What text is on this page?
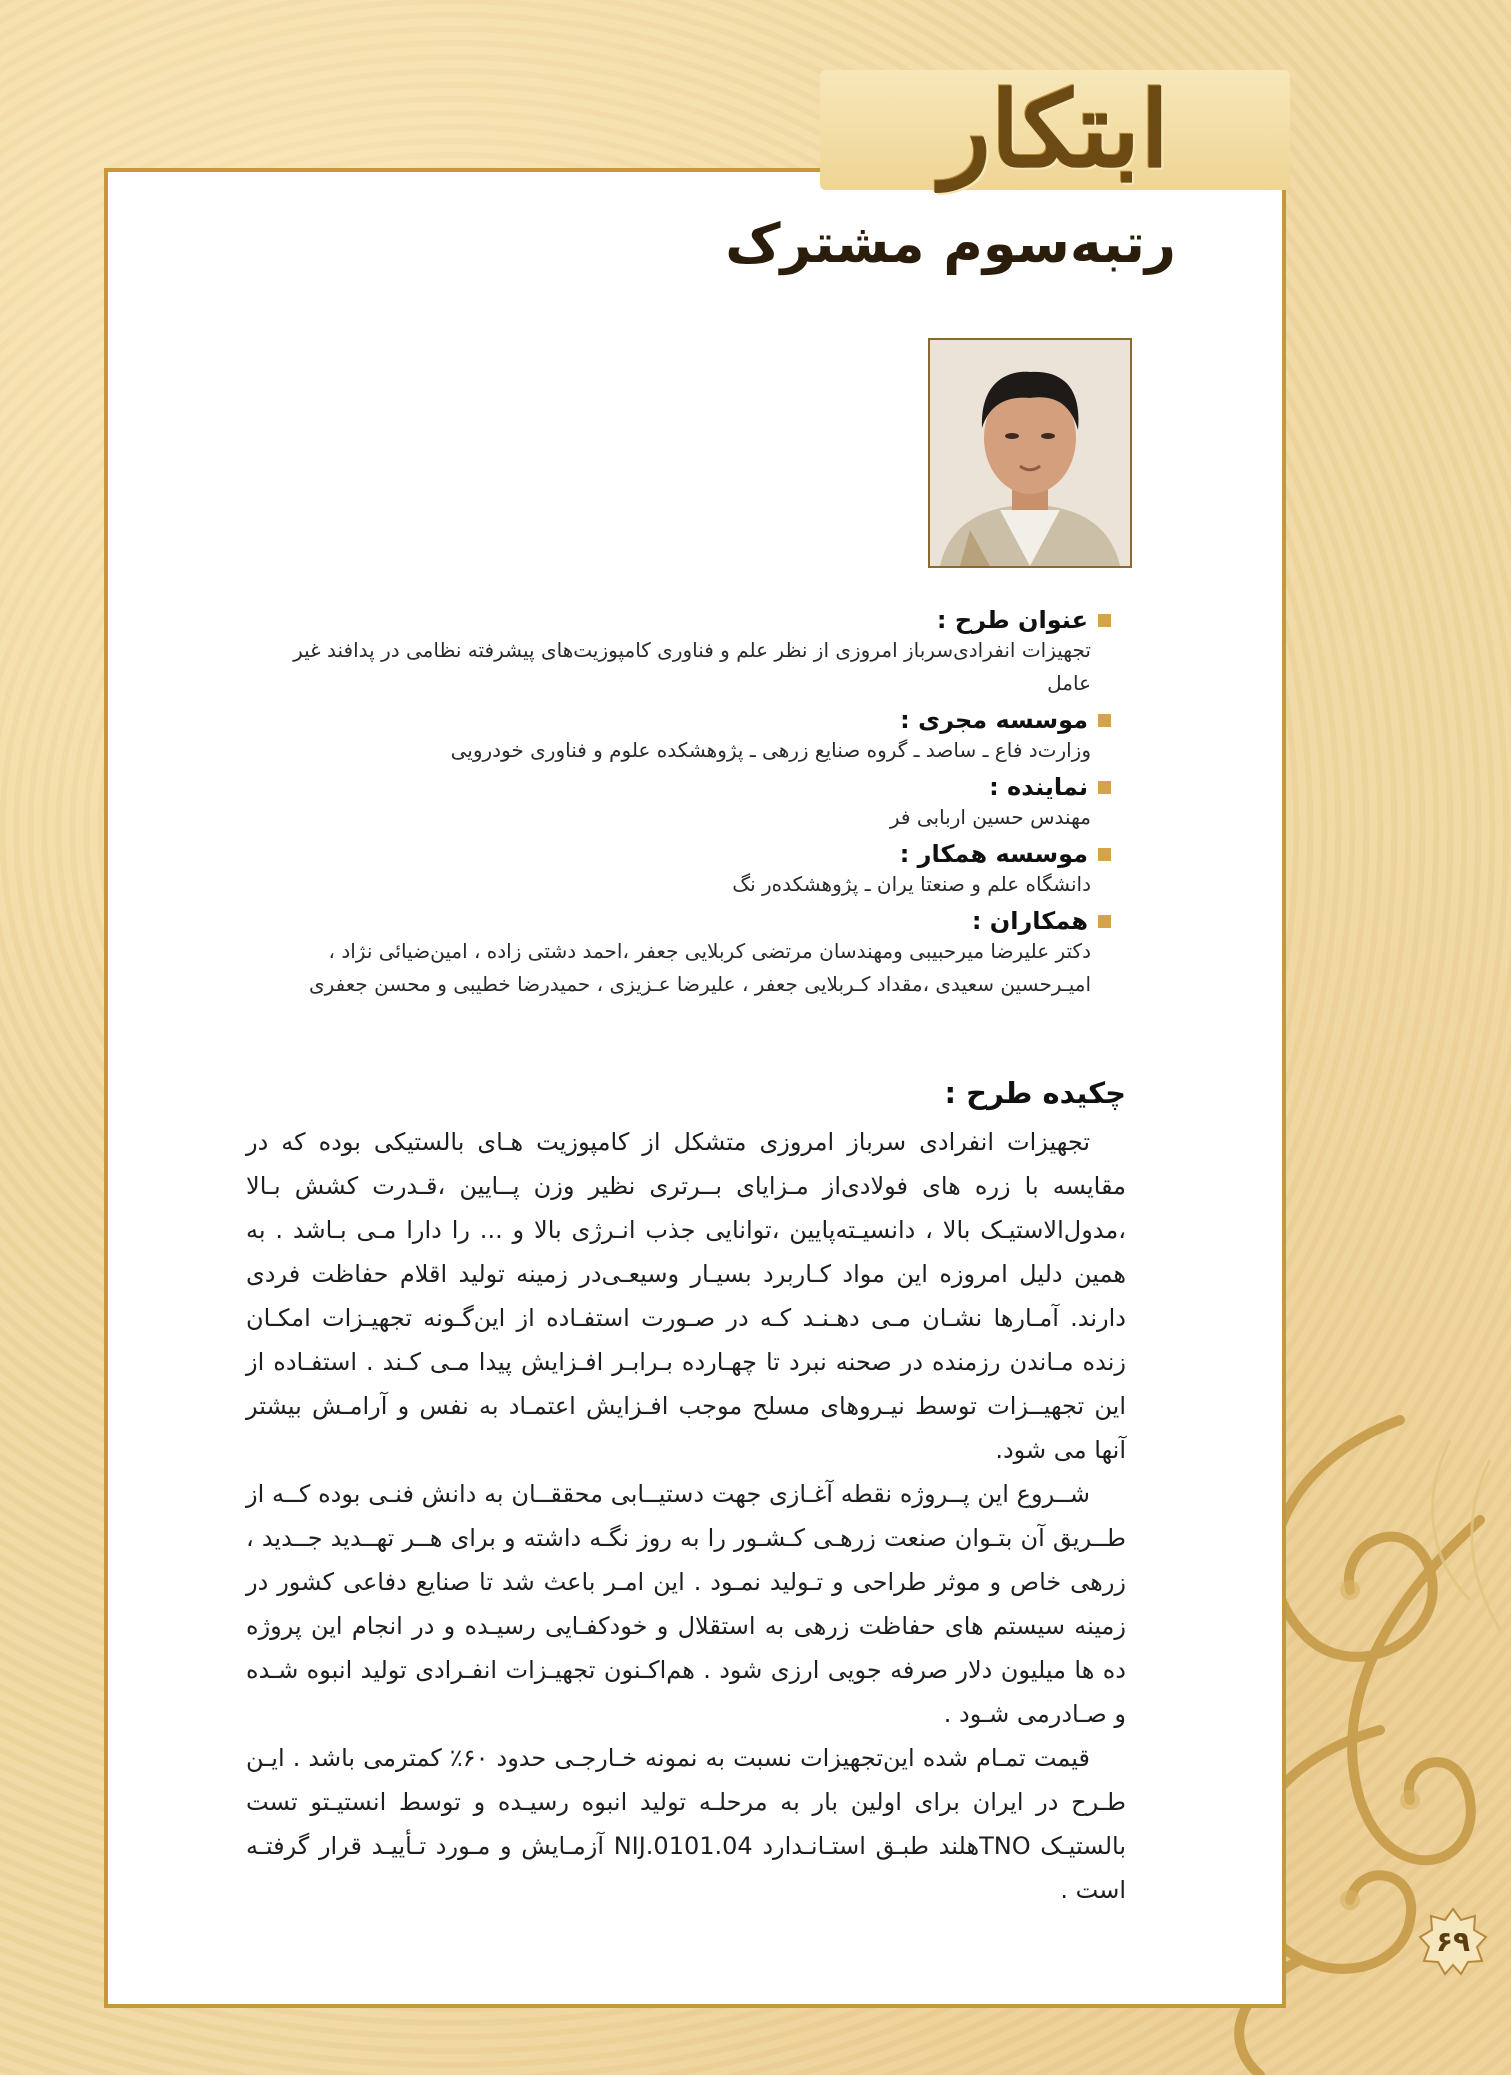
ابتکار
رتبه‌سوم مشترک
عنوان طرح :
تجهیزات انفرادی‌سرباز امروزی از نظر علم و فناوری کامپوزیت‌های پیشرفته نظامی در پدافند غیر عامل
موسسه مجری :
وزارت‌د فاع ـ ساصد ـ گروه صنایع زرهی ـ پژوهشکده علوم و فناوری خودرویی
نماینده :
مهندس حسین اربابی فر
موسسه همکار :
دانشگاه علم و صنعتا یران ـ پژوهشکده‌ر نگ
همکاران :
دکتر علیرضا میرحبیبی ومهندسان مرتضی کربلایی جعفر ،احمد دشتی زاده ، امین‌ضیائی نژاد ، امیـرحسین سعیدی ،مقداد کـربلایی جعفر ، علیرضا عـزیزی ، حمیدرضا خطیبی و محسن جعفری
چکیده طرح :

تجهیزات انفرادی سرباز امروزی متشکل از کامپوزیت هـای بالستیکی بوده که در مقایسه با زره های فولادی‌از مـزایای بــرتری نظیر وزن پــایین ،قـدرت کشش بـالا ،مدول‌الاستیـک بالا ، دانسیـته‌پایین ،توانایی جذب انـرژی بالا و ... را دارا مـی بـاشد . به همین دلیل امروزه این مواد کـاربرد بسیـار وسیعـی‌در زمینه تولید اقلام حفاظت فردی دارند. آمـارها نشـان مـی دهـنـد کـه در صـورت استفـاده از این‌گـونه تجهیـزات امکـان زنده مـاندن رزمنده در صحنه نبرد تا چهـارده بـرابـر افـزایش پیدا مـی کـند . استفـاده از این تجهیــزات توسط نیـروهای مسلح موجب افـزایش اعتمـاد به نفس و آرامـش بیشتر آنها می شود.

شــروع این پــروژه نقطه آغـازی جهت دستیــابی محققــان به دانش فنـی بوده کــه از طــریق آن بتـوان صنعت زرهـی کـشـور را به روز نگـه داشته و برای هــر تهــدید جــدید ، زرهی خاص و موثر طراحی و تـولید نمـود . این امـر باعث شد تا صنایع دفاعی کشور در زمینه سیستم های حفاظت زرهی به استقلال و خودکفـایی رسیـده و در انجام این پروژه ده ها میلیون دلار صرفه جویی ارزی شود . هم‌اکـنون تجهیـزات انفـرادی تولید انبوه شـده و صـادرمی شـود .

قیمت تمـام شده این‌تجهیزات نسبت به نمونه خـارجـی حدود ۶۰٪ کمترمی باشد . ایـن طـرح در ایران برای اولین بار به مرحلـه تولید انبوه رسیـده و توسط انستیـتو تست بالستیـک TNOهلند طبـق استـانـدارد NIJ.0101.04 آزمـایش و مـورد تـأییـد قرار گرفتـه است .

۶۹
